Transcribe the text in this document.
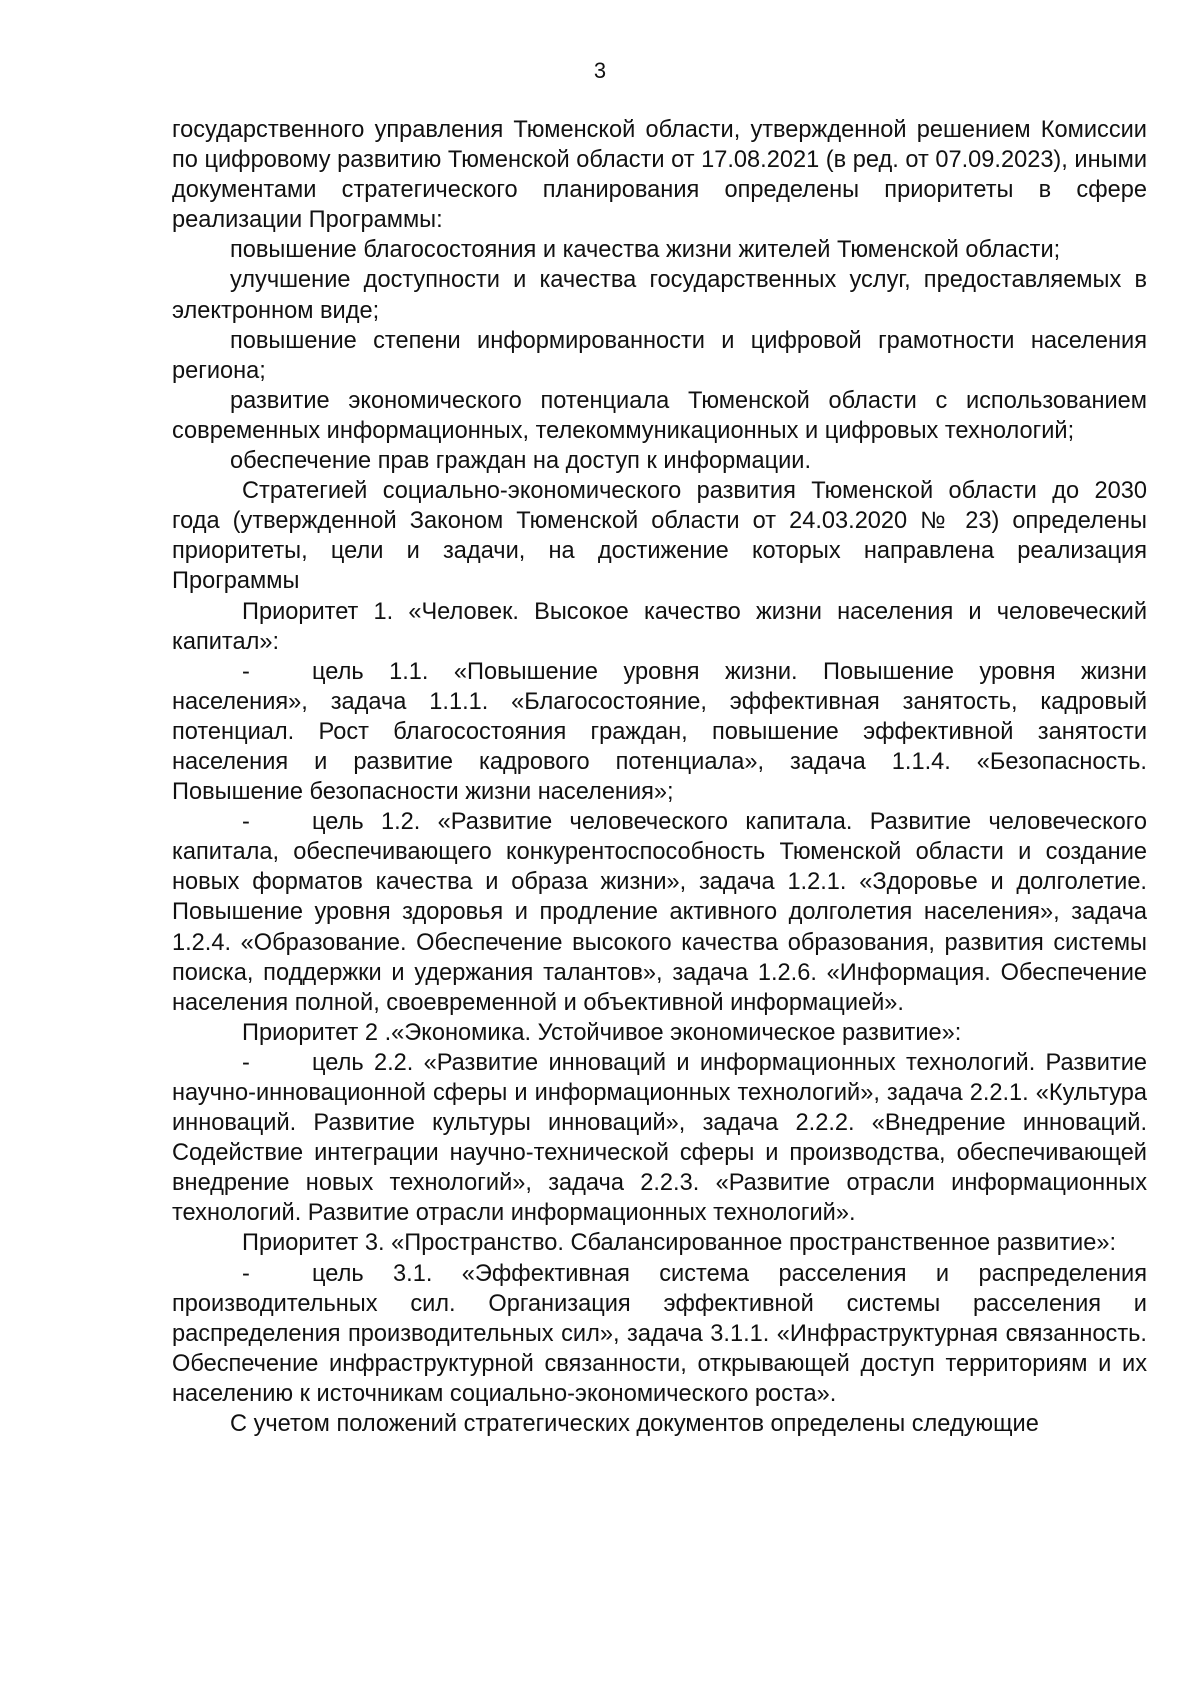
3

государственного управления Тюменской области, утвержденной решением Комиссии по цифровому развитию Тюменской области от 17.08.2021 (в ред. от 07.09.2023), иными документами стратегического планирования определены приоритеты в сфере реализации Программы:

повышение благосостояния и качества жизни жителей Тюменской области;

улучшение доступности и качества государственных услуг, предоставляемых в электронном виде;

повышение степени информированности и цифровой грамотности населения региона;

развитие экономического потенциала Тюменской области с использованием современных информационных, телекоммуникационных и цифровых технологий;

обеспечение прав граждан на доступ к информации.

Стратегией социально-экономического развития Тюменской области до 2030 года (утвержденной Законом Тюменской области от 24.03.2020 № 23) определены приоритеты, цели и задачи, на достижение которых направлена реализация Программы

Приоритет 1. «Человек. Высокое качество жизни населения и человеческий капитал»:

-	цель 1.1. «Повышение уровня жизни. Повышение уровня жизни населения», задача 1.1.1. «Благосостояние, эффективная занятость, кадровый потенциал. Рост благосостояния граждан, повышение эффективной занятости населения и развитие кадрового потенциала», задача 1.1.4. «Безопасность. Повышение безопасности жизни населения»;

-	цель 1.2. «Развитие человеческого капитала. Развитие человеческого капитала, обеспечивающего конкурентоспособность Тюменской области и создание новых форматов качества и образа жизни», задача 1.2.1. «Здоровье и долголетие. Повышение уровня здоровья и продление активного долголетия населения», задача 1.2.4. «Образование. Обеспечение высокого качества образования, развития системы поиска, поддержки и удержания талантов», задача 1.2.6. «Информация. Обеспечение населения полной, своевременной и объективной информацией».

Приоритет 2 .«Экономика. Устойчивое экономическое развитие»:

-	цель 2.2. «Развитие инноваций и информационных технологий. Развитие научно-инновационной сферы и информационных технологий», задача 2.2.1. «Культура инноваций. Развитие культуры инноваций», задача 2.2.2. «Внедрение инноваций. Содействие интеграции научно-технической сферы и производства, обеспечивающей внедрение новых технологий», задача 2.2.3. «Развитие отрасли информационных технологий. Развитие отрасли информационных технологий».

Приоритет 3. «Пространство. Сбалансированное пространственное развитие»:

-	цель 3.1. «Эффективная система расселения и распределения производительных сил. Организация эффективной системы расселения и распределения производительных сил», задача 3.1.1. «Инфраструктурная связанность. Обеспечение инфраструктурной связанности, открывающей доступ территориям и их населению к источникам социально-экономического роста».

С учетом положений стратегических документов определены следующие
